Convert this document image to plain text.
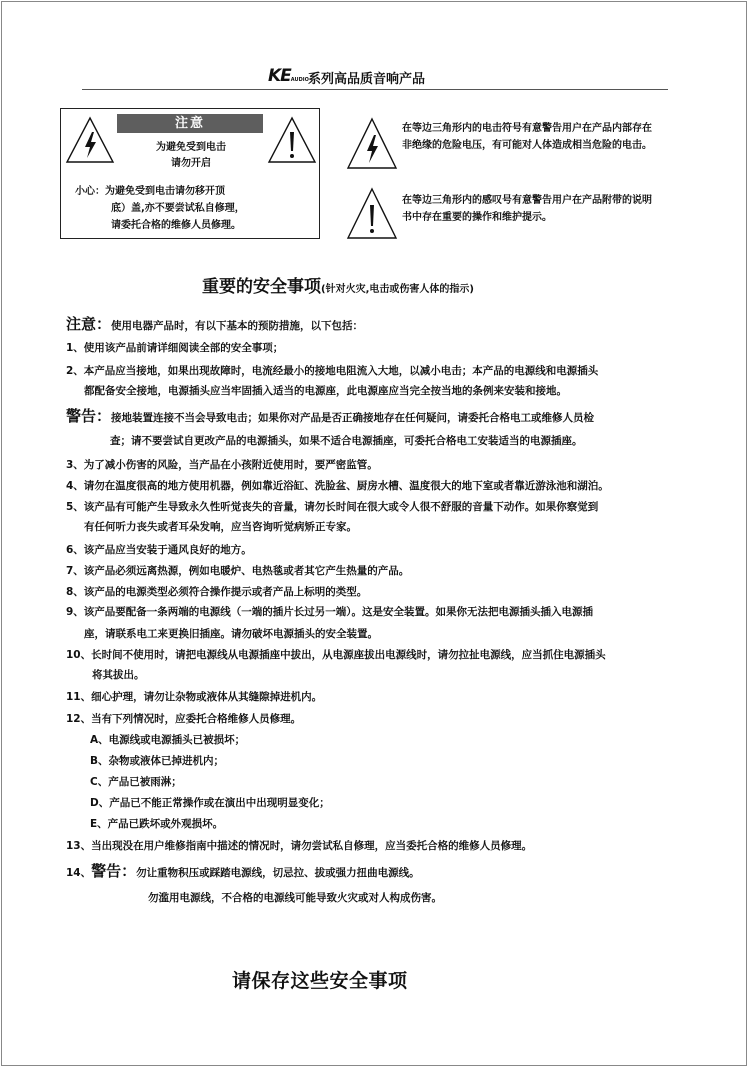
KEAUDIO 系列高品质音响产品
注意
为避免受到电击
请勿开启
小心：为避免受到电击请勿移开顶
底）盖,亦不要尝试私自修理，
请委托合格的维修人员修理。
在等边三角形内的电击符号有意警告用户在产品内部存在
非绝缘的危险电压，有可能对人体造成相当危险的电击。
在等边三角形内的感叹号有意警告用户在产品附带的说明
书中存在重要的操作和维护提示。
重要的安全事项(针对火灾,电击或伤害人体的指示)
注意：使用电器产品时，有以下基本的预防措施，以下包括：
1、使用该产品前请详细阅读全部的安全事项；
2、本产品应当接地，如果出现故障时，电流经最小的接地电阻流入大地，以减小电击；本产品的电源线和电源插头
都配备安全接地，电源插头应当牢固插入适当的电源座，此电源座应当完全按当地的条例来安装和接地。
警告：接地装置连接不当会导致电击；如果你对产品是否正确接地存在任何疑问，请委托合格电工或维修人员检
查；请不要尝试自更改产品的电源插头，如果不适合电源插座，可委托合格电工安装适当的电源插座。
3、为了减小伤害的风险，当产品在小孩附近使用时，要严密监管。
4、请勿在温度很高的地方使用机器，例如靠近浴缸、洗脸盆、厨房水槽、温度很大的地下室或者靠近游泳池和湖泊。
5、该产品有可能产生导致永久性听觉丧失的音量，请勿长时间在很大或令人很不舒服的音量下动作。如果你察觉到
有任何听力丧失或者耳朵发响，应当咨询听觉病矫正专家。
6、该产品应当安装于通风良好的地方。
7、该产品必须远离热源，例如电暖炉、电热毯或者其它产生热量的产品。
8、该产品的电源类型必须符合操作提示或者产品上标明的类型。
9、该产品要配备一条两端的电源线（一端的插片长过另一端）。这是安全装置。如果你无法把电源插头插入电源插
座，请联系电工来更换旧插座。请勿破坏电源插头的安全装置。
10、长时间不使用时，请把电源线从电源插座中拔出，从电源座拔出电源线时，请勿拉扯电源线，应当抓住电源插头
将其拔出。
11、细心护理，请勿让杂物或液体从其缝隙掉进机内。
12、当有下列情况时，应委托合格维修人员修理。
A、电源线或电源插头已被损坏；
B、杂物或液体已掉进机内；
C、产品已被雨淋；
D、产品已不能正常操作或在演出中出现明显变化；
E、产品已跌坏或外观损坏。
13、当出现没在用户维修指南中描述的情况时，请勿尝试私自修理，应当委托合格的维修人员修理。
14、警告：勿让重物积压或踩踏电源线，切忌拉、拔或强力扭曲电源线。
勿滥用电源线，不合格的电源线可能导致火灾或对人构成伤害。
请保存这些安全事项
